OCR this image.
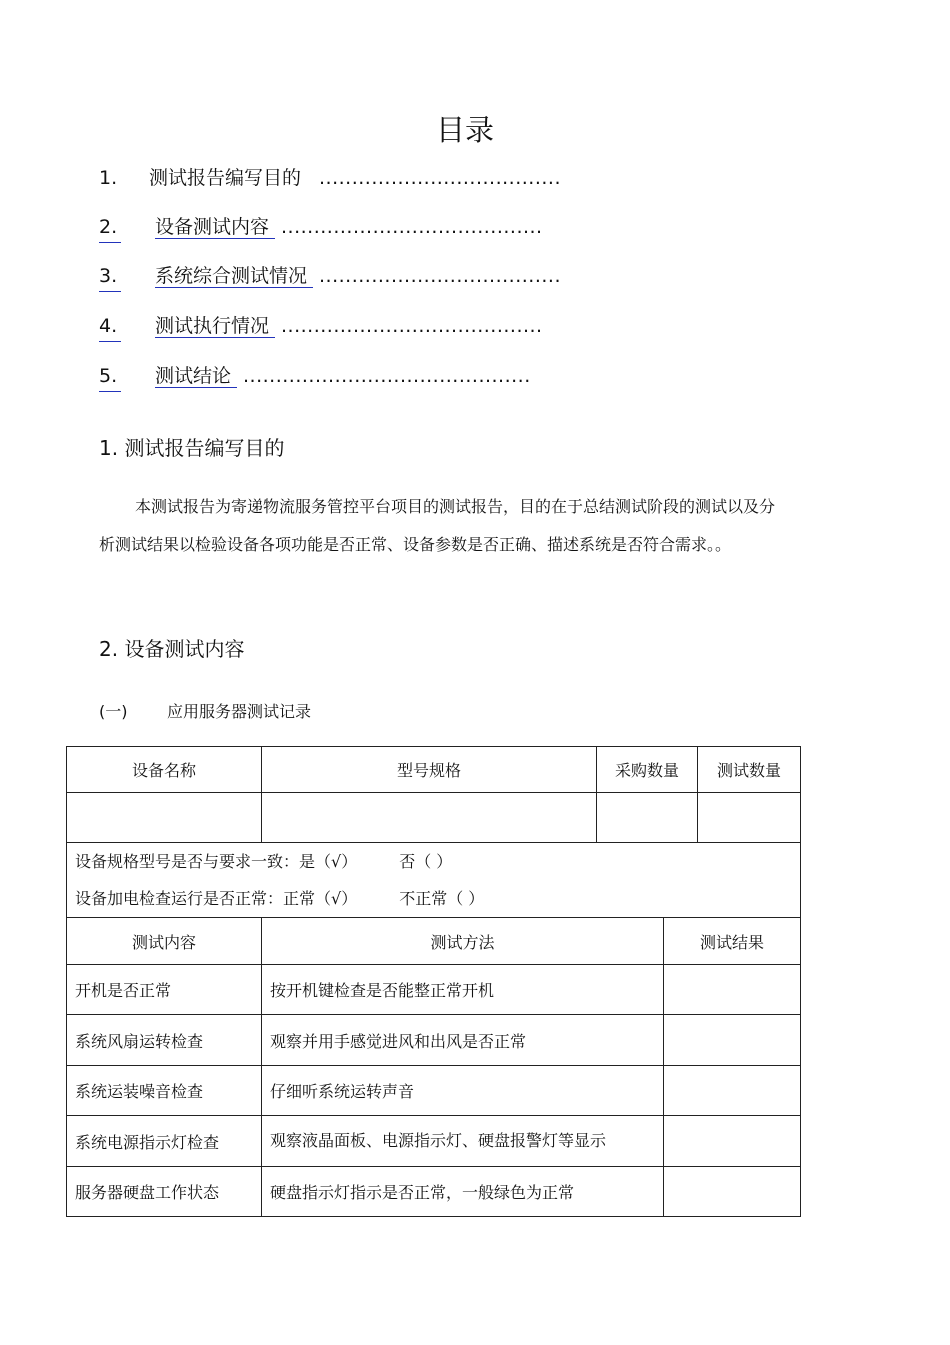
目录
1. 测试报告编写目的 .....................................
2. 设备测试内容 ........................................
3. 系统综合测试情况 .....................................
4. 测试执行情况 ........................................
5. 测试结论 ............................................
1. 测试报告编写目的
本测试报告为寄递物流服务管控平台项目的测试报告，目的在于总结测试阶段的测试以及分析测试结果以检验设备各项功能是否正常、设备参数是否正确、描述系统是否符合需求。。
2. 设备测试内容
(一) 应用服务器测试记录
设备名称	型号规格	采购数量		测试数量

设备规格型号是否与要求一致：是（√） 否（ ）
设备加电检查运行是否正常：正常（√） 不正常（ ）				

测试内容	测试方法		测试结果	
开机是否正常	按开机键检查是否能整正常开机			
系统风扇运转检查	观察并用手感觉进风和出风是否正常			
系统运装噪音检查	仔细听系统运转声音			
系统电源指示灯检查	观察液晶面板、电源指示灯、硬盘报警灯等显示			
服务器硬盘工作状态	硬盘指示灯指示是否正常，一般绿色为正常			
